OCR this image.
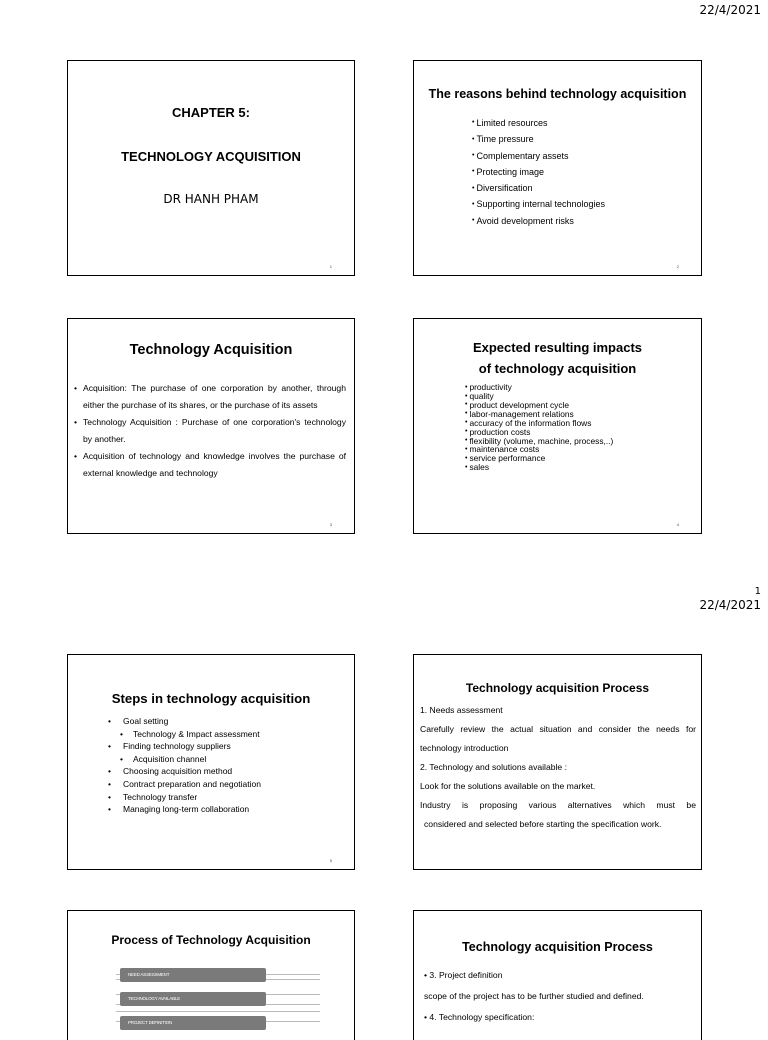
22/4/2021
1
22/4/2021
CHAPTER 5:
TECHNOLOGY ACQUISITION
DR HANH PHAM
1
The reasons behind technology acquisition
• Limited resources
• Time pressure
• Complementary assets
• Protecting image
• Diversification
• Supporting internal technologies
• Avoid development risks
2
Technology Acquisition
• Acquisition: The purchase of one corporation by another, through either the purchase of its shares, or the purchase of its assets
• Technology Acquisition : Purchase of one corporation's technology by another.
• Acquisition of technology and knowledge involves the purchase of external knowledge and technology
3
Expected resulting impacts
of technology acquisition
• productivity
• quality
• product development cycle
• labor-management relations
• accuracy of the information flows
• production costs
• flexibility (volume, machine, process,..)
• maintenance costs
• service performance
• sales
4
Steps in technology acquisition
• Goal setting
• Technology & Impact assessment
• Finding technology suppliers
• Acquisition channel
• Choosing acquisition method
• Contract preparation and negotiation
• Technology transfer
• Managing long-term collaboration
5
Technology acquisition Process
1. Needs assessment
Carefully review the actual situation and consider the needs for technology introduction
2. Technology and solutions available :
Look for the solutions available on the market.
Industry is proposing various alternatives which must be
considered and selected before starting the specification work.
Process of Technology Acquisition
NEED ASSESSMENT
TECHNOLOGY AVAILABLE
PROJECT DEFINITION
Technology acquisition Process
• 3. Project definition
scope of the project has to be further studied and defined.
• 4. Technology specification:
